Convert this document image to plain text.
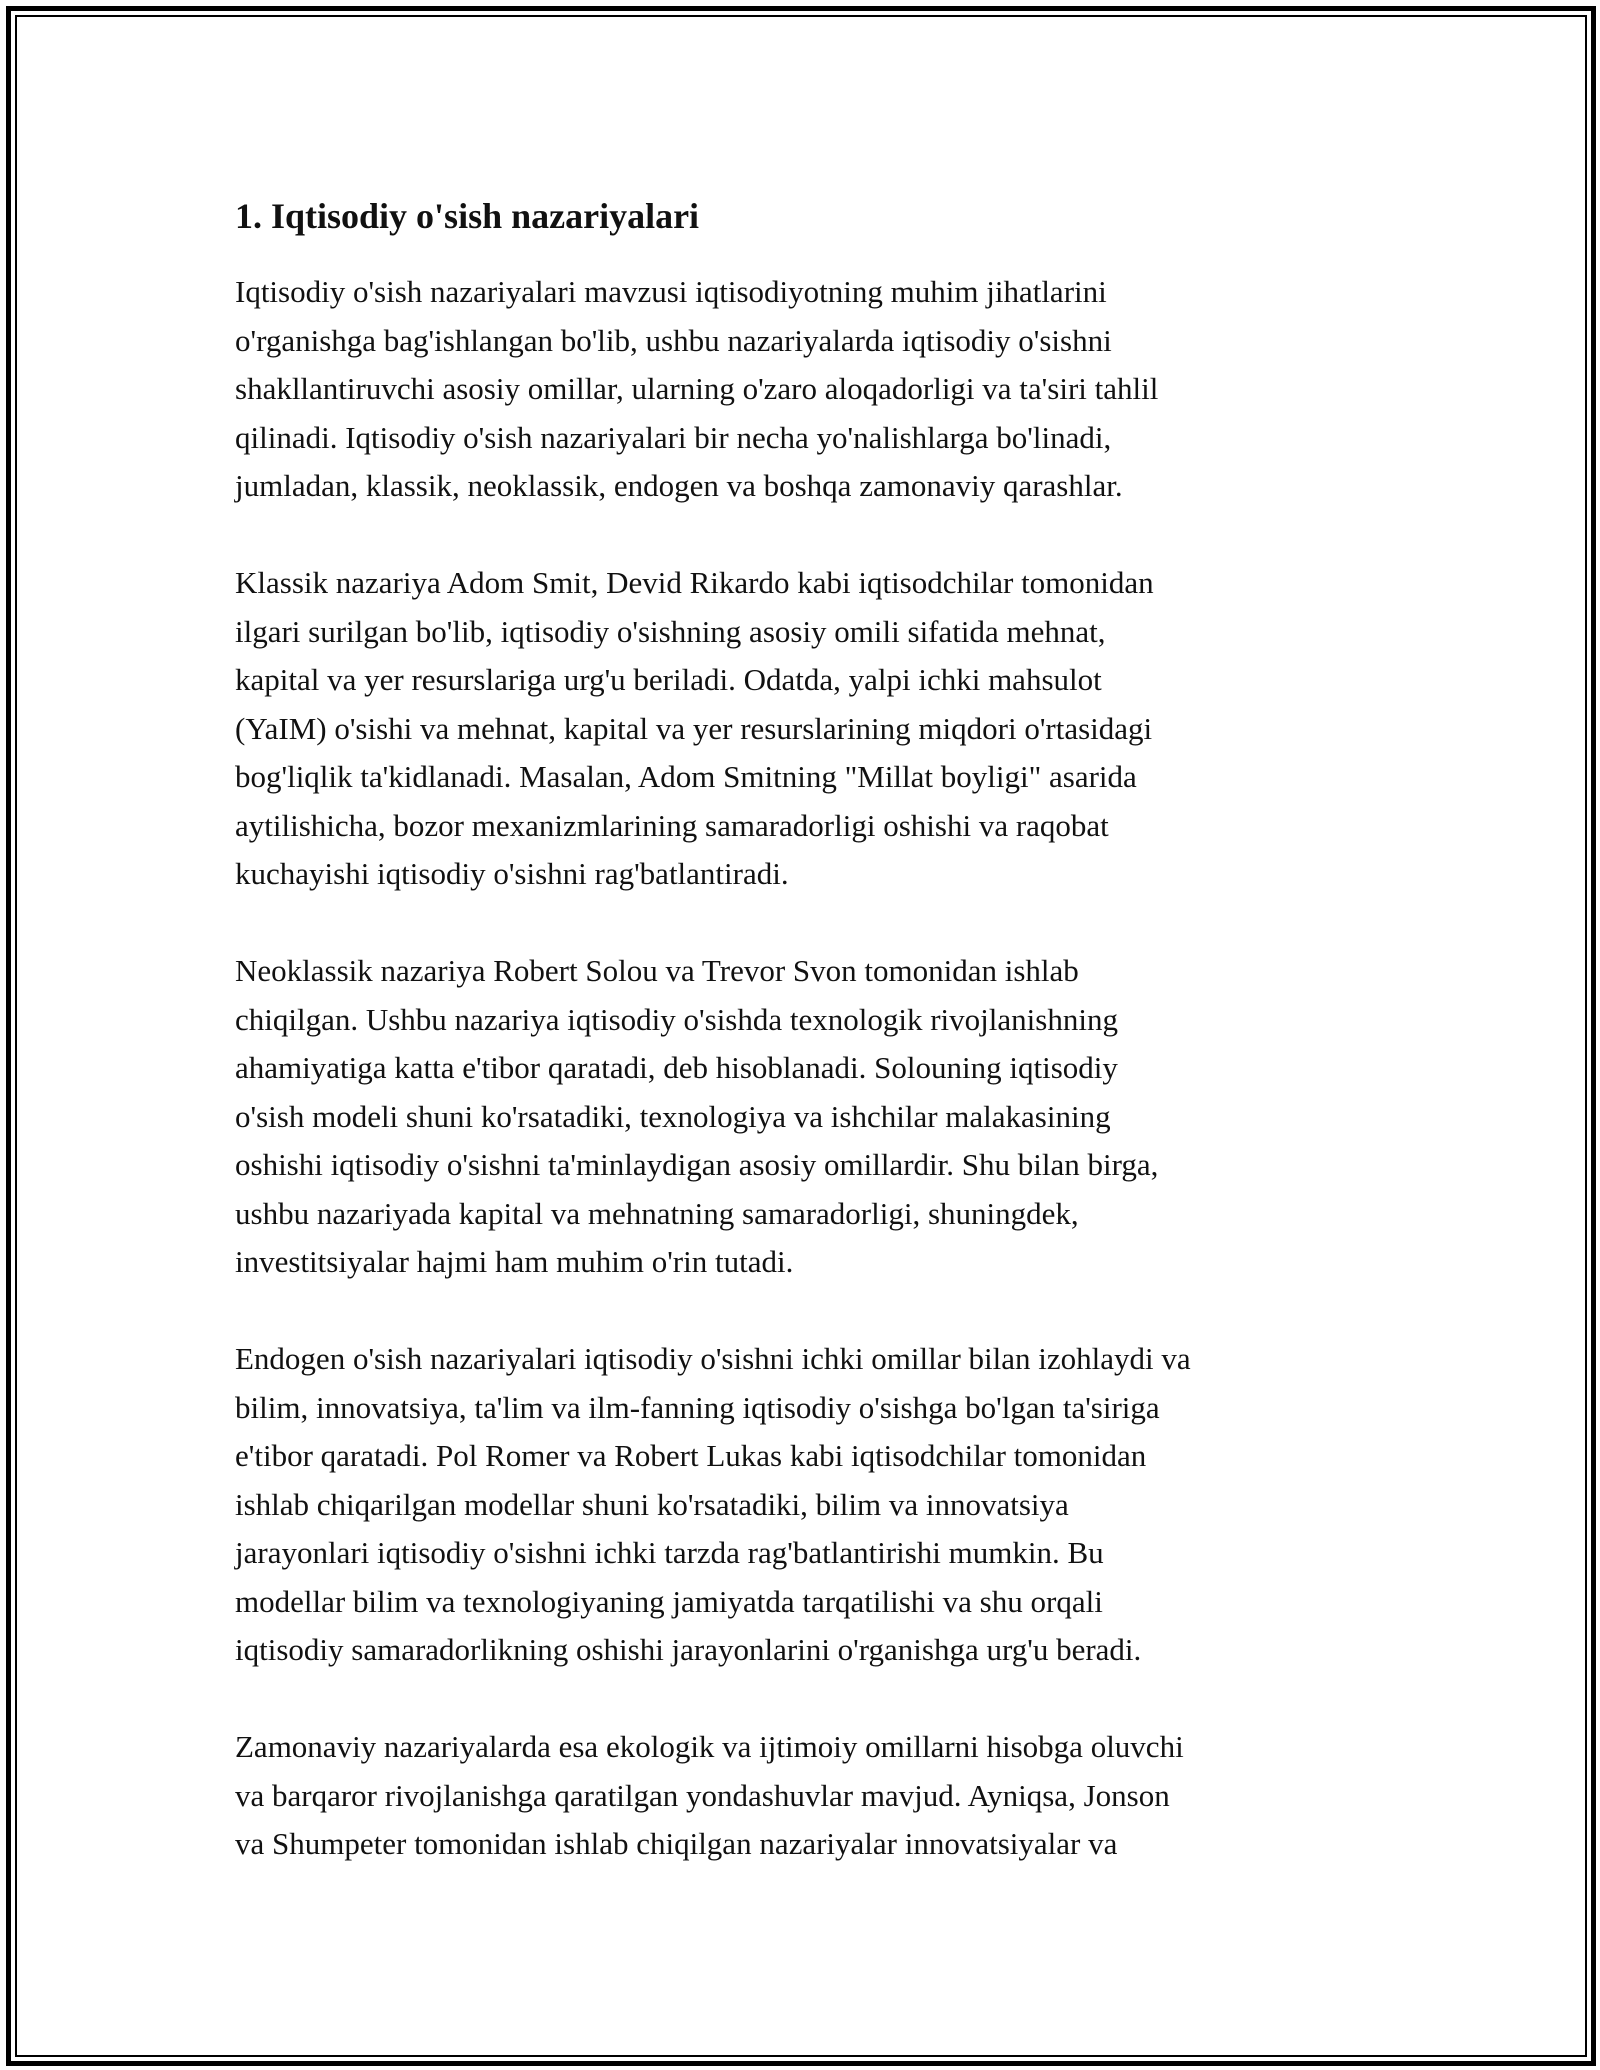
1. Iqtisodiy o'sish nazariyalari

Iqtisodiy o'sish nazariyalari mavzusi iqtisodiyotning muhim jihatlarini
o'rganishga bag'ishlangan bo'lib, ushbu nazariyalarda iqtisodiy o'sishni
shakllantiruvchi asosiy omillar, ularning o'zaro aloqadorligi va ta'siri tahlil
qilinadi. Iqtisodiy o'sish nazariyalari bir necha yo'nalishlarga bo'linadi,
jumladan, klassik, neoklassik, endogen va boshqa zamonaviy qarashlar.

Klassik nazariya Adom Smit, Devid Rikardo kabi iqtisodchilar tomonidan
ilgari surilgan bo'lib, iqtisodiy o'sishning asosiy omili sifatida mehnat,
kapital va yer resurslariga urg'u beriladi. Odatda, yalpi ichki mahsulot
(YaIM) o'sishi va mehnat, kapital va yer resurslarining miqdori o'rtasidagi
bog'liqlik ta'kidlanadi. Masalan, Adom Smitning "Millat boyligi" asarida
aytilishicha, bozor mexanizmlarining samaradorligi oshishi va raqobat
kuchayishi iqtisodiy o'sishni rag'batlantiradi.

Neoklassik nazariya Robert Solou va Trevor Svon tomonidan ishlab
chiqilgan. Ushbu nazariya iqtisodiy o'sishda texnologik rivojlanishning
ahamiyatiga katta e'tibor qaratadi, deb hisoblanadi. Solouning iqtisodiy
o'sish modeli shuni ko'rsatadiki, texnologiya va ishchilar malakasining
oshishi iqtisodiy o'sishni ta'minlaydigan asosiy omillardir. Shu bilan birga,
ushbu nazariyada kapital va mehnatning samaradorligi, shuningdek,
investitsiyalar hajmi ham muhim o'rin tutadi.

Endogen o'sish nazariyalari iqtisodiy o'sishni ichki omillar bilan izohlaydi va
bilim, innovatsiya, ta'lim va ilm-fanning iqtisodiy o'sishga bo'lgan ta'siriga
e'tibor qaratadi. Pol Romer va Robert Lukas kabi iqtisodchilar tomonidan
ishlab chiqarilgan modellar shuni ko'rsatadiki, bilim va innovatsiya
jarayonlari iqtisodiy o'sishni ichki tarzda rag'batlantirishi mumkin. Bu
modellar bilim va texnologiyaning jamiyatda tarqatilishi va shu orqali
iqtisodiy samaradorlikning oshishi jarayonlarini o'rganishga urg'u beradi.

Zamonaviy nazariyalarda esa ekologik va ijtimoiy omillarni hisobga oluvchi
va barqaror rivojlanishga qaratilgan yondashuvlar mavjud. Ayniqsa, Jonson
va Shumpeter tomonidan ishlab chiqilgan nazariyalar innovatsiyalar va
